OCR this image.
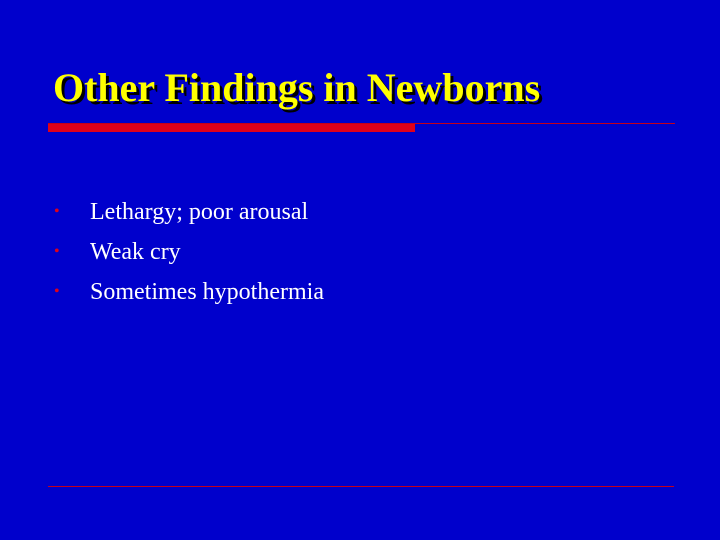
Other Findings in Newborns
•	Lethargy; poor arousal
•	Weak cry
•	Sometimes hypothermia
